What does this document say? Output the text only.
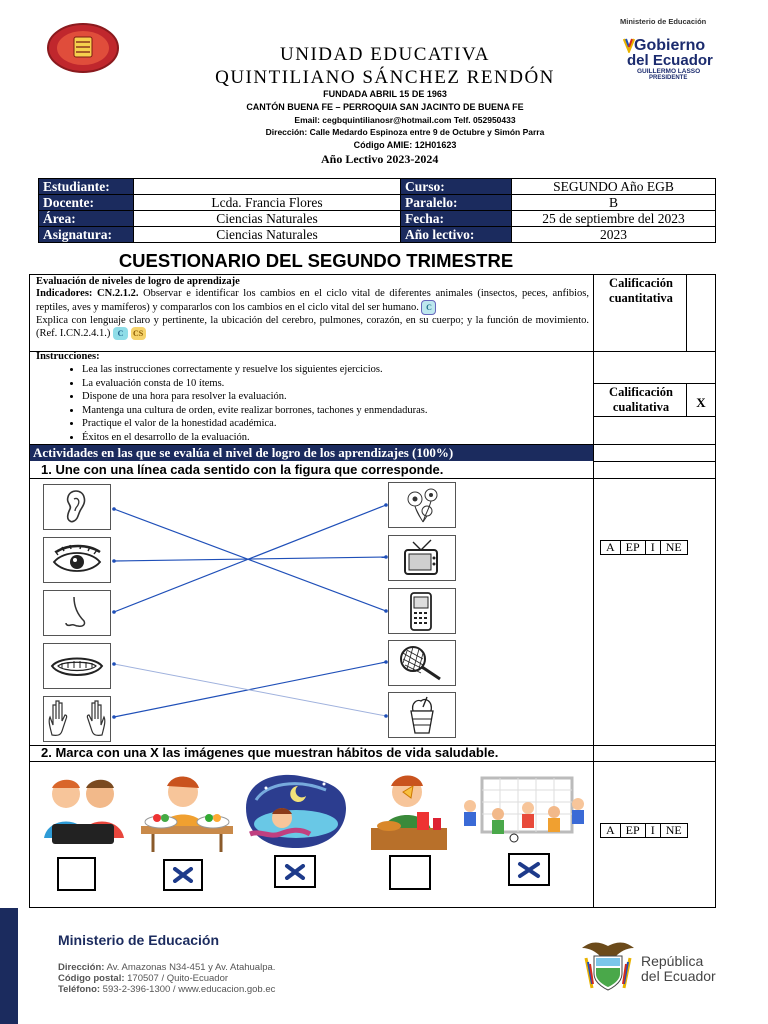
UNIDAD EDUCATIVA
QUINTILIANO SÁNCHEZ RENDÓN
FUNDADA ABRIL 15 DE 1963
CANTÓN BUENA FE – PERROQUIA SAN JACINTO DE BUENA FE
Email: cegbquintilianosr@hotmail.com Telf. 052950433
Dirección: Calle Medardo Espinoza entre 9 de Octubre y Simón Parra
Código AMIE: 12H01623
Año Lectivo 2023-2024
Ministerio de Educación
Gobierno
del Ecuador
GUILLERMO LASSO
PRESIDENTE
Estudiante:		Curso:	SEGUNDO Año EGB
Docente:	Lcda. Francia Flores	Paralelo:	B
Área:	Ciencias Naturales	Fecha:	25 de septiembre del 2023
Asignatura:	Ciencias Naturales	Año lectivo:	2023
CUESTIONARIO DEL SEGUNDO TRIMESTRE
Evaluación de niveles de logro de aprendizaje
Indicadores: CN.2.1.2. Observar e identificar los cambios en el ciclo vital de diferentes animales (insectos, peces, anfibios, reptiles, aves y mamíferos) y compararlos con los cambios en el ciclo vital del ser humano. C
Explica con lenguaje claro y pertinente, la ubicación del cerebro, pulmones, corazón, en su cuerpo; y la función de movimiento. (Ref. I.CN.2.4.1.) C CS
Calificación cuantitativa
Instrucciones:
• Lea las instrucciones correctamente y resuelve los siguientes ejercicios.
• La evaluación consta de 10 ítems.
• Dispone de una hora para resolver la evaluación.
• Mantenga una cultura de orden, evite realizar borrones, tachones y enmendaduras.
• Practique el valor de la honestidad académica.
• Éxitos en el desarrollo de la evaluación.
Calificación cualitativa	X
Actividades en las que se evalúa el nivel de logro de los aprendizajes (100%)
1. Une con una línea cada sentido con la figura que corresponde.
A	EP	I	NE
2. Marca con una X las imágenes que muestran hábitos de vida saludable.
A	EP	I	NE
Ministerio de Educación
Dirección: Av. Amazonas N34-451 y Av. Atahualpa.
Código postal: 170507 / Quito-Ecuador
Teléfono: 593-2-396-1300 / www.educacion.gob.ec
República
del Ecuador
